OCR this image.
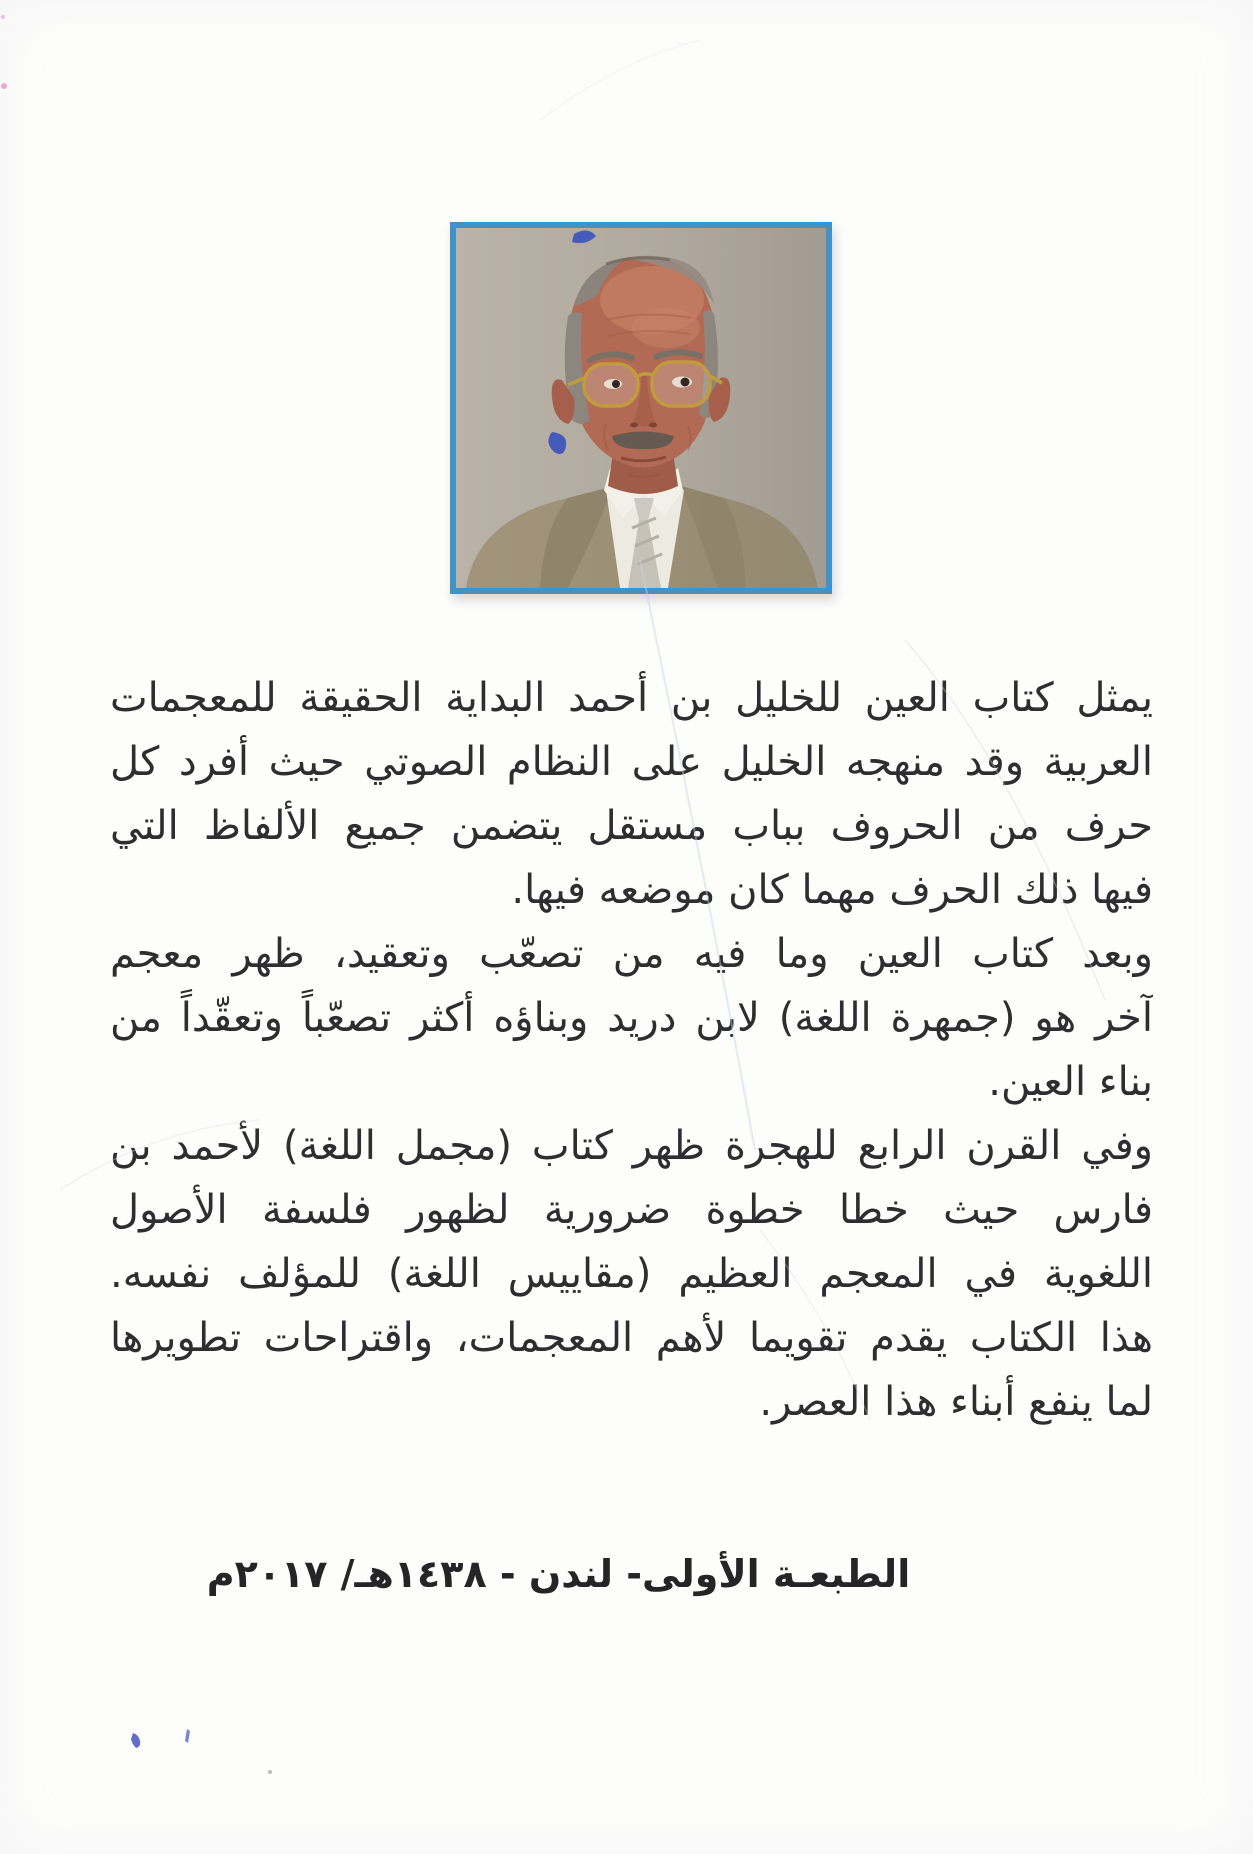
يمثل كتاب العين للخليل بن أحمد البداية الحقيقة للمعجمات
العربية وقد منهجه الخليل على النظام الصوتي حيث أفرد كل
حرف من الحروف بباب مستقل يتضمن جميع الألفاظ التي
فيها ذلك الحرف مهما كان موضعه فيها.
وبعد كتاب العين وما فيه من تصعّب وتعقيد، ظهر معجم
آخر هو (جمهرة اللغة) لابن دريد وبناؤه أكثر تصعّباً وتعقّداً من
بناء العين.
وفي القرن الرابع للهجرة ظهر كتاب (مجمل اللغة) لأحمد بن
فارس حيث خطا خطوة ضرورية لظهور فلسفة الأصول
اللغوية في المعجم العظيم (مقاييس اللغة) للمؤلف نفسه.
هذا الكتاب يقدم تقويما لأهم المعجمات، واقتراحات تطويرها
لما ينفع أبناء هذا العصر.
الطبعـة الأولى- لندن - ١٤٣٨هـ/ ٢٠١٧م
